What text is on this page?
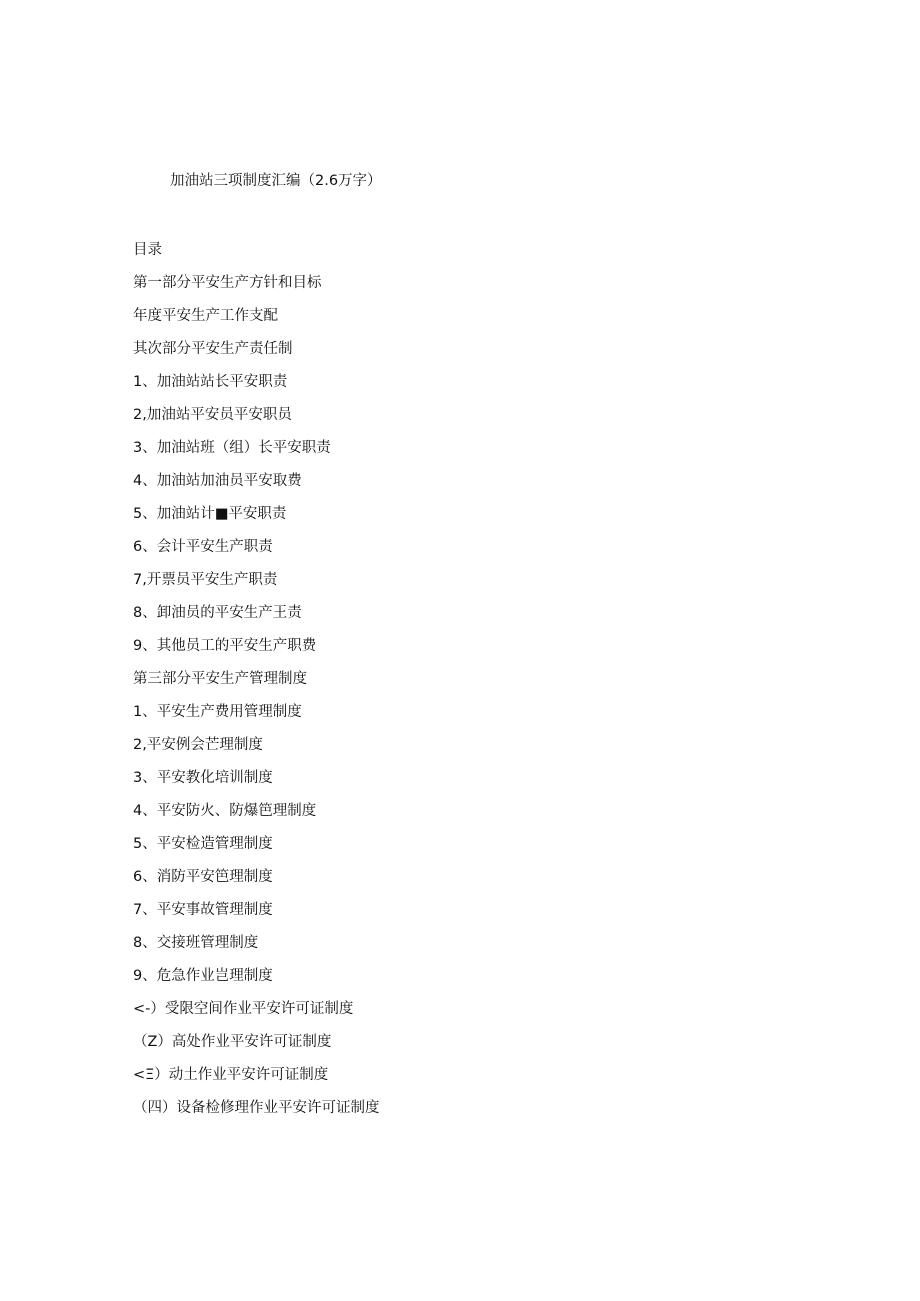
加油站三项制度汇编（2.6万字）
目录
第一部分平安生产方针和目标
年度平安生产工作支配
其次部分平安生产责任制
1、加油站站长平安职责
2,加油站平安员平安职员
3、加油站班（组）长平安职责
4、加油站加油员平安取费
5、加油站计■平安职责
6、会计平安生产职责
7,开票员平安生产职责
8、卸油员的平安生产王责
9、其他员工的平安生产职费
第三部分平安生产管理制度
1、平安生产费用管理制度
2,平安例会芒理制度
3、平安教化培训制度
4、平安防火、防爆笆理制度
5、平安检造管理制度
6、消防平安笆理制度
7、平安事故管理制度
8、交接班管理制度
9、危急作业岂理制度
<-）受限空间作业平安许可证制度
（Z）高处作业平安许可证制度
<Ξ）动土作业平安许可证制度
（四）设备检修理作业平安许可证制度
